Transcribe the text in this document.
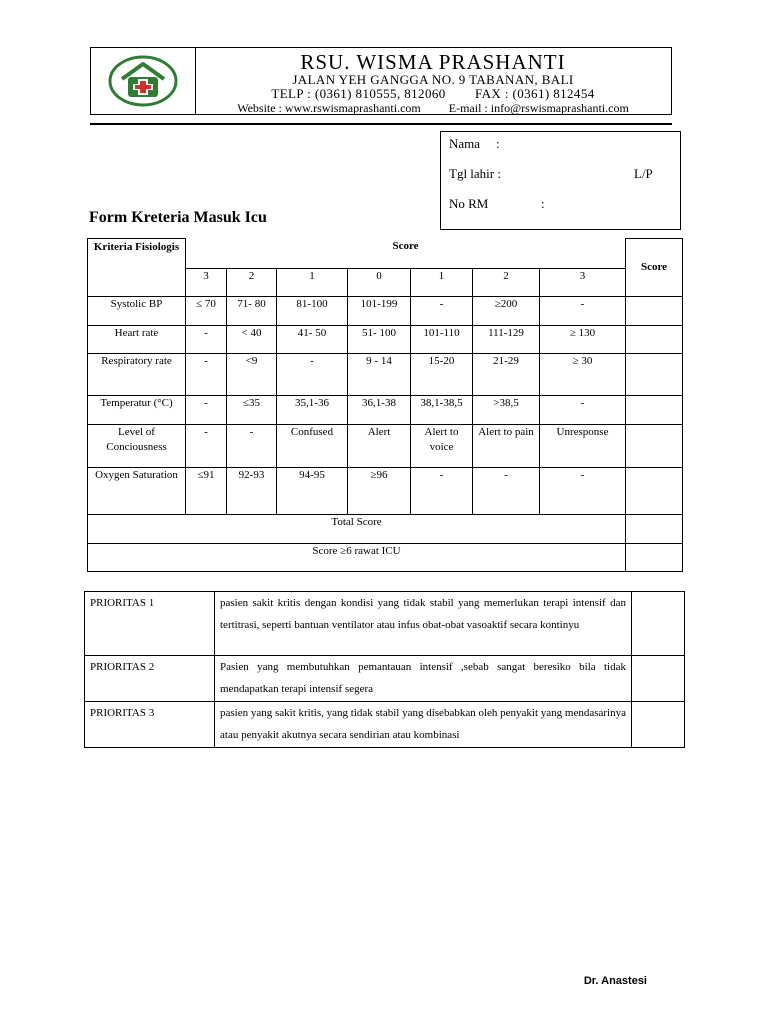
RSU. WISMA PRASHANTI
JALAN YEH GANGGA NO. 9 TABANAN, BALI
TELP : (0361) 810555, 812060 FAX : (0361) 812454
Website : www.rswismaprashanti.com E-mail : info@rswismaprashanti.com
Nama :
Tgl lahir :	L/P
No RM	:
Form Kreteria Masuk Icu
Kriteria Fisiologis	Score							Score
	3	2	1	0	1	2	3	
Systolic BP	≤ 70	71- 80	81-100	101-199	-	≥200	-	
Heart rate	-	< 40	41- 50	51- 100	101-110	111-129	≥ 130	
Respiratory rate	-	<9	-	9 - 14	15-20	21-29	≥ 30	
Temperatur (°C)	-	≤35	35,1-36	36,1-38	38,1-38,5	>38,5	-	
Level of Conciousness	-	-	Confused	Alert	Alert to voice	Alert to pain	Unresponse	
Oxygen Saturation	≤91	92-93	94-95	≥96	-	-	-	
Total Score								
Score ≥6 rawat ICU								
PRIORITAS 1	pasien sakit kritis dengan kondisi yang tidak stabil yang memerlukan terapi intensif dan tertitrasi, seperti bantuan ventilator atau infus obat-obat vasoaktif secara kontinyu	
PRIORITAS 2	Pasien yang membutuhkan pemantauan intensif ,sebab sangat beresiko bila tidak mendapatkan terapi intensif segera	
PRIORITAS 3	pasien yang sakit kritis, yang tidak stabil yang disebabkan oleh penyakit yang mendasarinya atau penyakit akutnya secara sendirian atau kombinasi	
Dr. Anastesi
